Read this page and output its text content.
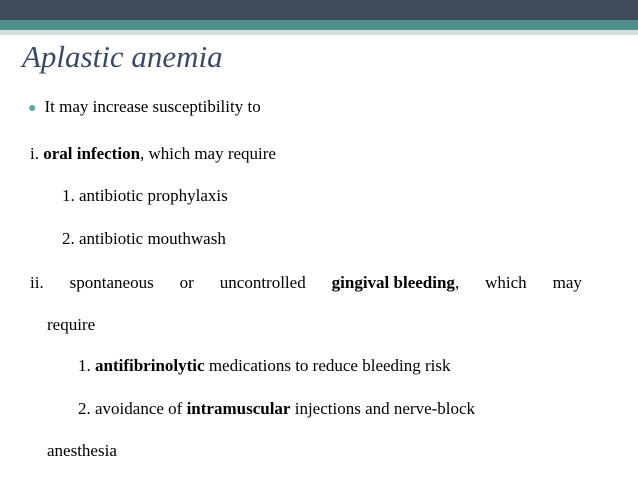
Aplastic anemia
● It may increase susceptibility to
i. oral infection, which may require
1. antibiotic prophylaxis
2. antibiotic mouthwash
ii. spontaneous or uncontrolled gingival bleeding, which may
require
1. antifibrinolytic medications to reduce bleeding risk
2. avoidance of intramuscular injections and nerve-block
anesthesia
